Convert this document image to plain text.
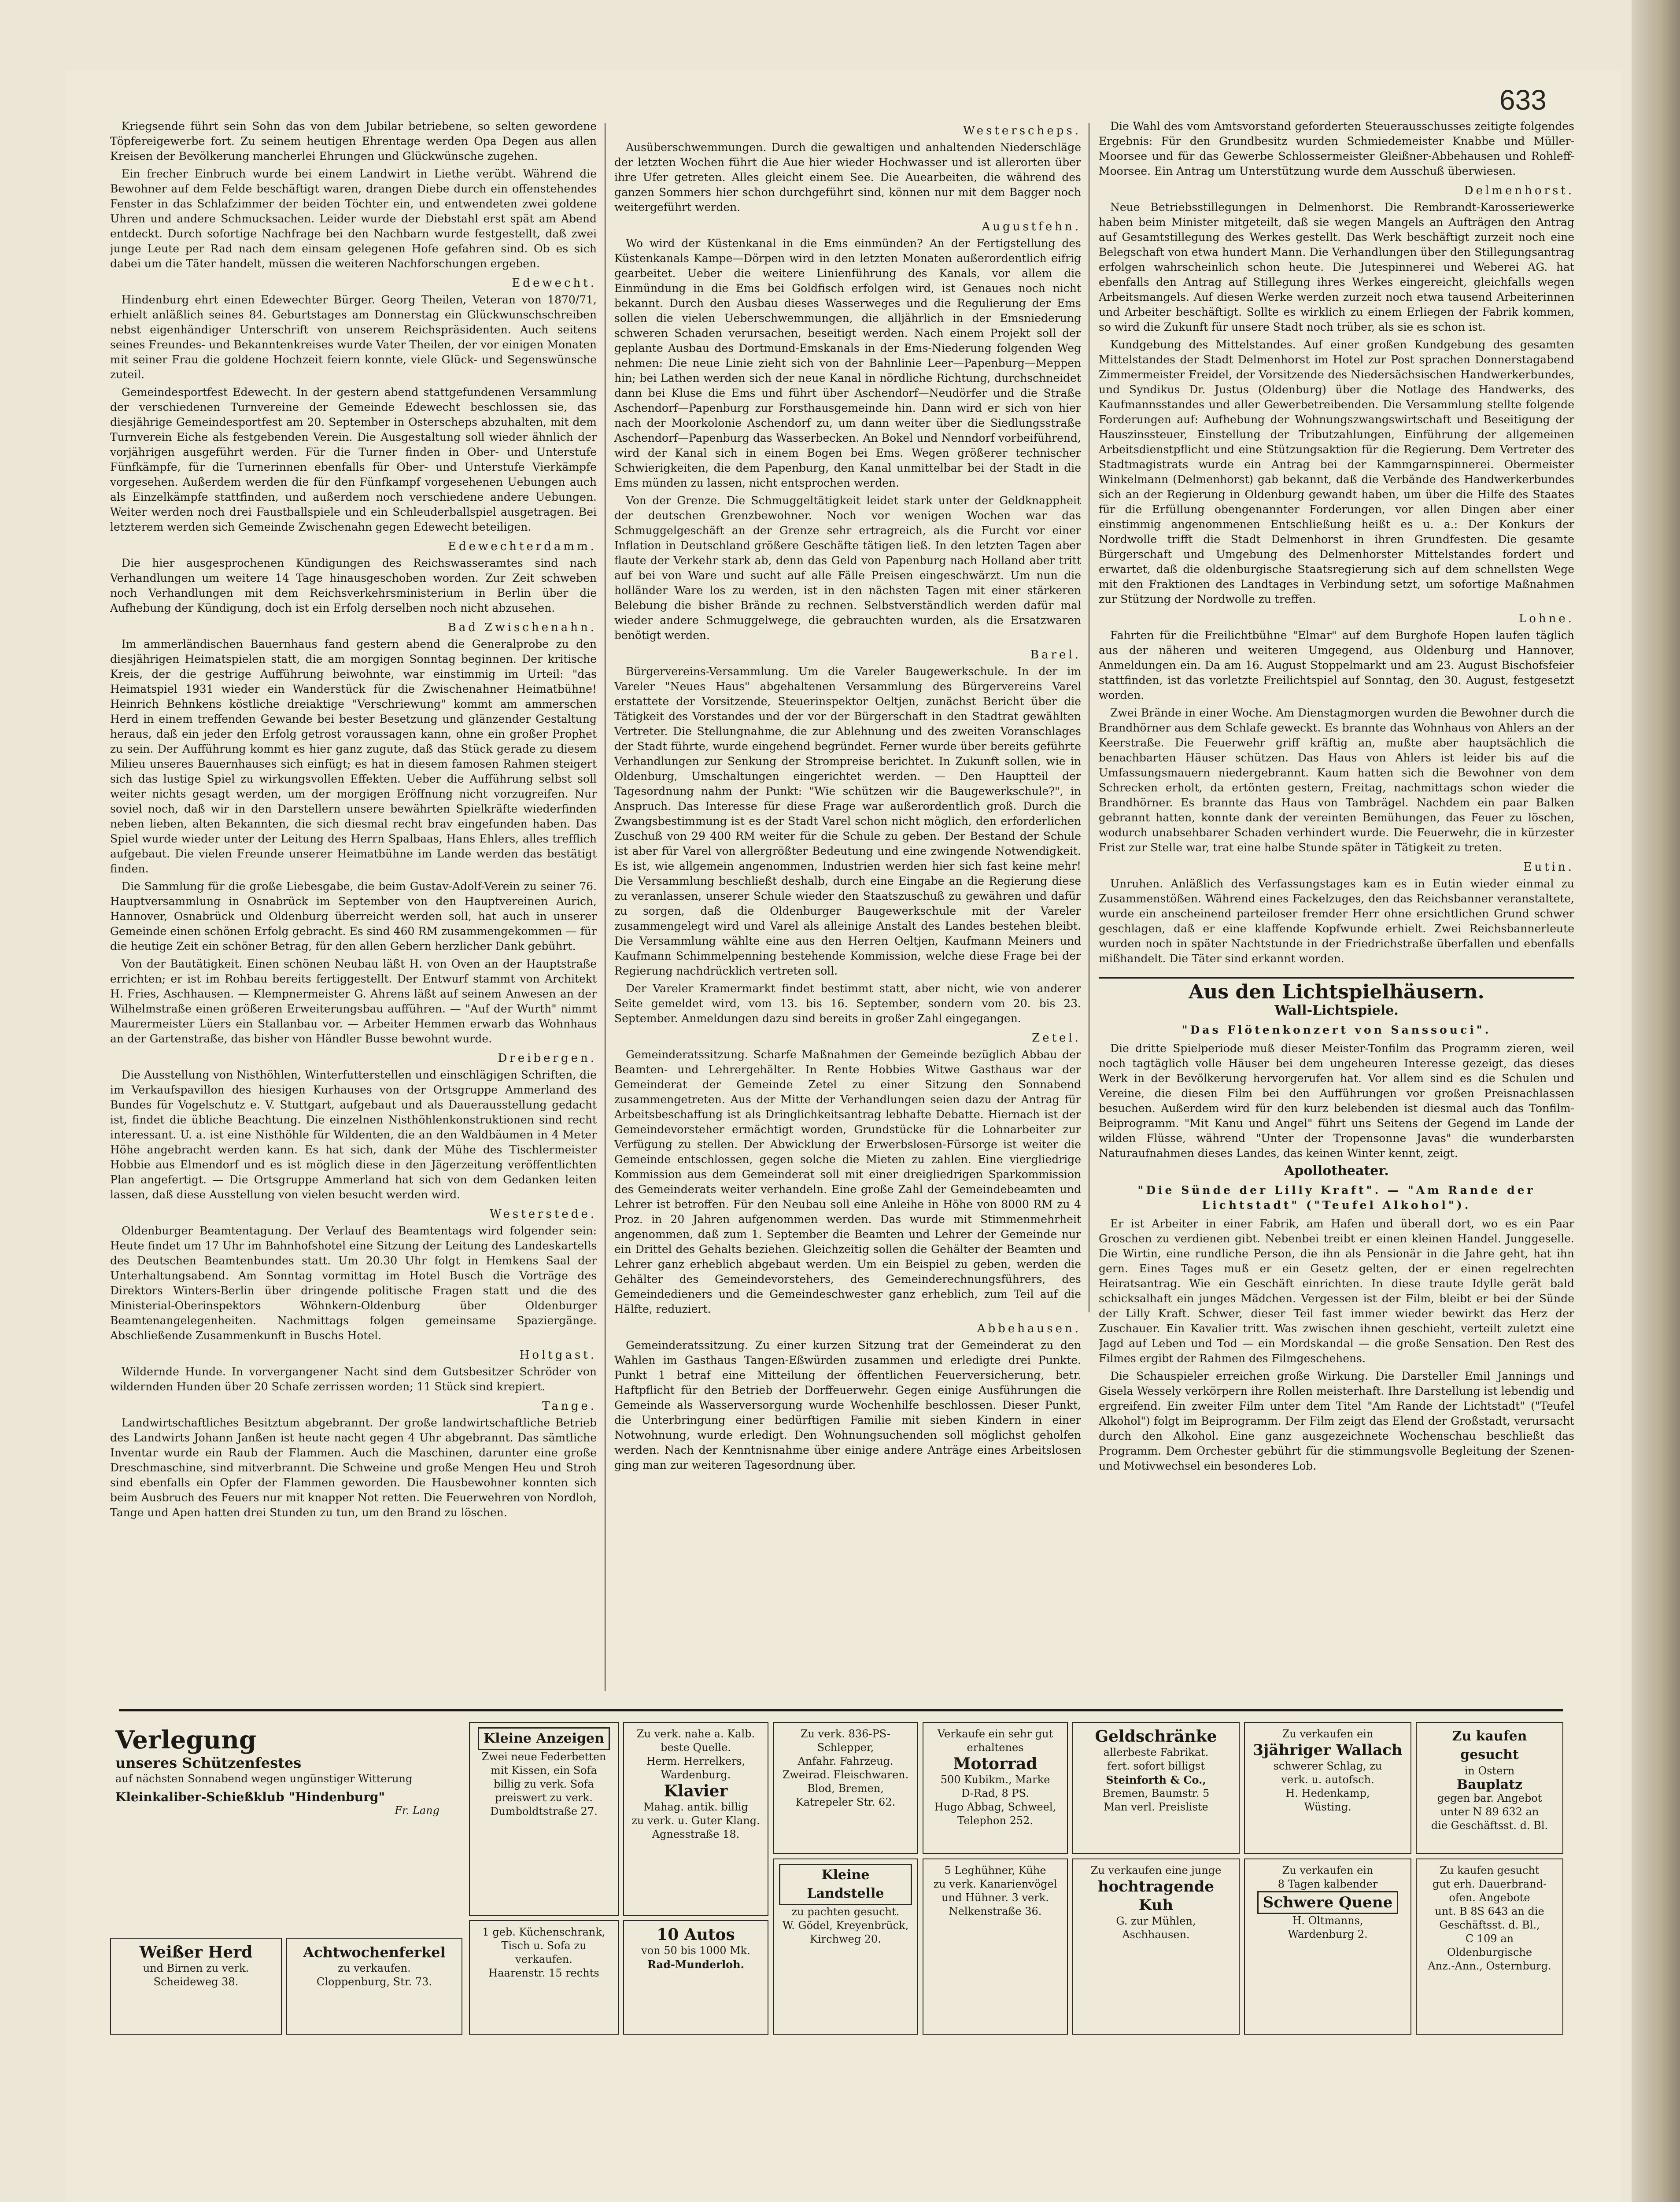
633

Kriegsende führt sein Sohn das von dem Jubilar betriebene, so selten gewordene Töpfereigewerbe fort. Zu seinem heutigen Ehrentage werden Opa Degen aus allen Kreisen der Bevölkerung mancherlei Ehrungen und Glückwünsche zugehen.

Ein frecher Einbruch wurde bei einem Landwirt in Liethe verübt. Während die Bewohner auf dem Felde beschäftigt waren, drangen Diebe durch ein offenstehendes Fenster in das Schlafzimmer der beiden Töchter ein, und entwendeten zwei goldene Uhren und andere Schmucksachen. Leider wurde der Diebstahl erst spät am Abend entdeckt. Durch sofortige Nachfrage bei den Nachbarn wurde festgestellt, daß zwei junge Leute per Rad nach dem einsam gelegenen Hofe gefahren sind. Ob es sich dabei um die Täter handelt, müssen die weiteren Nachforschungen ergeben.

Edewecht.

Hindenburg ehrt einen Edewechter Bürger. Georg Theilen, Veteran von 1870/71, erhielt anläßlich seines 84. Geburtstages am Donnerstag ein Glückwunschschreiben nebst eigenhändiger Unterschrift von unserem Reichspräsidenten. Auch seitens seines Freundes- und Bekanntenkreises wurde Vater Theilen, der vor einigen Monaten mit seiner Frau die goldene Hochzeit feiern konnte, viele Glück- und Segenswünsche zuteil.

Gemeindesportfest Edewecht. In der gestern abend stattgefundenen Versammlung der verschiedenen Turnvereine der Gemeinde Edewecht beschlossen sie, das diesjährige Gemeindesportfest am 20. September in Osterscheps abzuhalten, mit dem Turnverein Eiche als festgebenden Verein. Die Ausgestaltung soll wieder ähnlich der vorjährigen ausgeführt werden. Für die Turner finden in Ober- und Unterstufe Fünfkämpfe, für die Turnerinnen ebenfalls für Ober- und Unterstufe Vierkämpfe vorgesehen. Außerdem werden die für den Fünfkampf vorgesehenen Uebungen auch als Einzelkämpfe stattfinden, und außerdem noch verschiedene andere Uebungen. Weiter werden noch drei Faustballspiele und ein Schleuderballspiel ausgetragen. Bei letzterem werden sich Gemeinde Zwischenahn gegen Edewecht beteiligen.

Edewechterdamm.

Die hier ausgesprochenen Kündigungen des Reichswasseramtes sind nach Verhandlungen um weitere 14 Tage hinausgeschoben worden. Zur Zeit schweben noch Verhandlungen mit dem Reichsverkehrsministerium in Berlin über die Aufhebung der Kündigung, doch ist ein Erfolg derselben noch nicht abzusehen.

Bad Zwischenahn.

Im ammerländischen Bauernhaus fand gestern abend die Generalprobe zu den diesjährigen Heimatspielen statt, die am morgigen Sonntag beginnen. Der kritische Kreis, der die gestrige Aufführung beiwohnte, war einstimmig im Urteil: "das Heimatspiel 1931 wieder ein Wanderstück für die Zwischenahner Heimatbühne! Heinrich Behnkens köstliche dreiaktige "Verschriewung" kommt am ammerschen Herd in einem treffenden Gewande bei bester Besetzung und glänzender Gestaltung heraus, daß ein jeder den Erfolg getrost voraussagen kann, ohne ein großer Prophet zu sein. Der Aufführung kommt es hier ganz zugute, daß das Stück gerade zu diesem Milieu unseres Bauernhauses sich einfügt; es hat in diesem famosen Rahmen steigert sich das lustige Spiel zu wirkungsvollen Effekten. Ueber die Aufführung selbst soll weiter nichts gesagt werden, um der morgigen Eröffnung nicht vorzugreifen. Nur soviel noch, daß wir in den Darstellern unsere bewährten Spielkräfte wiederfinden neben lieben, alten Bekannten, die sich diesmal recht brav eingefunden haben. Das Spiel wurde wieder unter der Leitung des Herrn Spalbaas, Hans Ehlers, alles trefflich aufgebaut. Die vielen Freunde unserer Heimatbühne im Lande werden das bestätigt finden.

Die Sammlung für die große Liebesgabe, die beim Gustav-Adolf-Verein zu seiner 76. Hauptversammlung in Osnabrück im September von den Hauptvereinen Aurich, Hannover, Osnabrück und Oldenburg überreicht werden soll, hat auch in unserer Gemeinde einen schönen Erfolg gebracht. Es sind 460 RM zusammengekommen — für die heutige Zeit ein schöner Betrag, für den allen Gebern herzlicher Dank gebührt.

Von der Bautätigkeit. Einen schönen Neubau läßt H. von Oven an der Hauptstraße errichten; er ist im Rohbau bereits fertiggestellt. Der Entwurf stammt von Architekt H. Fries, Aschhausen. — Klempnermeister G. Ahrens läßt auf seinem Anwesen an der Wilhelmstraße einen größeren Erweiterungsbau aufführen. — "Auf der Wurth" nimmt Maurermeister Lüers ein Stallanbau vor. — Arbeiter Hemmen erwarb das Wohnhaus an der Gartenstraße, das bisher von Händler Busse bewohnt wurde.

Dreibergen.

Die Ausstellung von Nisthöhlen, Winterfutterstellen und einschlägigen Schriften, die im Verkaufspavillon des hiesigen Kurhauses von der Ortsgruppe Ammerland des Bundes für Vogelschutz e. V. Stuttgart, aufgebaut und als Dauerausstellung gedacht ist, findet die übliche Beachtung. Die einzelnen Nisthöhlenkonstruktionen sind recht interessant. U. a. ist eine Nisthöhle für Wildenten, die an den Waldbäumen in 4 Meter Höhe angebracht werden kann. Es hat sich, dank der Mühe des Tischlermeister Hobbie aus Elmendorf und es ist möglich diese in den Jägerzeitung veröffentlichten Plan angefertigt. — Die Ortsgruppe Ammerland hat sich von dem Gedanken leiten lassen, daß diese Ausstellung von vielen besucht werden wird.

Westerstede.

Oldenburger Beamtentagung. Der Verlauf des Beamtentags wird folgender sein: Heute findet um 17 Uhr im Bahnhofshotel eine Sitzung der Leitung des Landeskartells des Deutschen Beamtenbundes statt. Um 20.30 Uhr folgt in Hemkens Saal der Unterhaltungsabend. Am Sonntag vormittag im Hotel Busch die Vorträge des Direktors Winters-Berlin über dringende politische Fragen statt und die des Ministerial-Oberinspektors Wöhnkern-Oldenburg über Oldenburger Beamtenangelegenheiten. Nachmittags folgen gemeinsame Spaziergänge. Abschließende Zusammenkunft in Buschs Hotel.

Holtgast.

Wildernde Hunde. In vorvergangener Nacht sind dem Gutsbesitzer Schröder von wildernden Hunden über 20 Schafe zerrissen worden; 11 Stück sind krepiert.

Tange.

Landwirtschaftliches Besitztum abgebrannt. Der große landwirtschaftliche Betrieb des Landwirts Johann Janßen ist heute nacht gegen 4 Uhr abgebrannt. Das sämtliche Inventar wurde ein Raub der Flammen. Auch die Maschinen, darunter eine große Dreschmaschine, sind mitverbrannt. Die Schweine und große Mengen Heu und Stroh sind ebenfalls ein Opfer der Flammen geworden. Die Hausbewohner konnten sich beim Ausbruch des Feuers nur mit knapper Not retten. Die Feuerwehren von Nordloh, Tange und Apen hatten drei Stunden zu tun, um den Brand zu löschen.

Westerscheps.

Ausüberschwemmungen. Durch die gewaltigen und anhaltenden Niederschläge der letzten Wochen führt die Aue hier wieder Hochwasser und ist allerorten über ihre Ufer getreten. Alles gleicht einem See. Die Auearbeiten, die während des ganzen Sommers hier schon durchgeführt sind, können nur mit dem Bagger noch weitergeführt werden.

Augustfehn.

Wo wird der Küstenkanal in die Ems einmünden? An der Fertigstellung des Küstenkanals Kampe—Dörpen wird in den letzten Monaten außerordentlich eifrig gearbeitet. Ueber die weitere Linienführung des Kanals, vor allem die Einmündung in die Ems bei Goldfisch erfolgen wird, ist Genaues noch nicht bekannt. Durch den Ausbau dieses Wasserweges und die Regulierung der Ems sollen die vielen Ueberschwemmungen, die alljährlich in der Emsniederung schweren Schaden verursachen, beseitigt werden. Nach einem Projekt soll der geplante Ausbau des Dortmund-Emskanals in der Ems-Niederung folgenden Weg nehmen: Die neue Linie zieht sich von der Bahnlinie Leer—Papenburg—Meppen hin; bei Lathen werden sich der neue Kanal in nördliche Richtung, durchschneidet dann bei Kluse die Ems und führt über Aschendorf—Neudörfer und die Straße Aschendorf—Papenburg zur Forsthausgemeinde hin. Dann wird er sich von hier nach der Moorkolonie Aschendorf zu, um dann weiter über die Siedlungsstraße Aschendorf—Papenburg das Wasserbecken. An Bokel und Nenndorf vorbeiführend, wird der Kanal sich in einem Bogen bei Ems. Wegen größerer technischer Schwierigkeiten, die dem Papenburg, den Kanal unmittelbar bei der Stadt in die Ems münden zu lassen, nicht entsprochen werden.

Von der Grenze. Die Schmuggeltätigkeit leidet stark unter der Geldknappheit der deutschen Grenzbewohner. Noch vor wenigen Wochen war das Schmuggelgeschäft an der Grenze sehr ertragreich, als die Furcht vor einer Inflation in Deutschland größere Geschäfte tätigen ließ. In den letzten Tagen aber flaute der Verkehr stark ab, denn das Geld von Papenburg nach Holland aber tritt auf bei von Ware und sucht auf alle Fälle Preisen eingeschwärzt. Um nun die holländer Ware los zu werden, ist in den nächsten Tagen mit einer stärkeren Belebung die bisher Brände zu rechnen. Selbstverständlich werden dafür mal wieder andere Schmuggelwege, die gebrauchten wurden, als die Ersatzwaren benötigt werden.

Barel.

Bürgervereins-Versammlung. Um die Vareler Baugewerkschule. In der im Vareler "Neues Haus" abgehaltenen Versammlung des Bürgervereins Varel erstattete der Vorsitzende, Steuerinspektor Oeltjen, zunächst Bericht über die Tätigkeit des Vorstandes und der vor der Bürgerschaft in den Stadtrat gewählten Vertreter. Die Stellungnahme, die zur Ablehnung und des zweiten Voranschlages der Stadt führte, wurde eingehend begründet. Ferner wurde über bereits geführte Verhandlungen zur Senkung der Strompreise berichtet. In Zukunft sollen, wie in Oldenburg, Umschaltungen eingerichtet werden. — Den Hauptteil der Tagesordnung nahm der Punkt: "Wie schützen wir die Baugewerkschule?", in Anspruch. Das Interesse für diese Frage war außerordentlich groß. Durch die Zwangsbestimmung ist es der Stadt Varel schon nicht möglich, den erforderlichen Zuschuß von 29 400 RM weiter für die Schule zu geben. Der Bestand der Schule ist aber für Varel von allergrößter Bedeutung und eine zwingende Notwendigkeit. Es ist, wie allgemein angenommen, Industrien werden hier sich fast keine mehr! Die Versammlung beschließt deshalb, durch eine Eingabe an die Regierung diese zu veranlassen, unserer Schule wieder den Staatszuschuß zu gewähren und dafür zu sorgen, daß die Oldenburger Baugewerkschule mit der Vareler zusammengelegt wird und Varel als alleinige Anstalt des Landes bestehen bleibt. Die Versammlung wählte eine aus den Herren Oeltjen, Kaufmann Meiners und Kaufmann Schimmelpenning bestehende Kommission, welche diese Frage bei der Regierung nachdrücklich vertreten soll.

Der Vareler Kramermarkt findet bestimmt statt, aber nicht, wie von anderer Seite gemeldet wird, vom 13. bis 16. September, sondern vom 20. bis 23. September. Anmeldungen dazu sind bereits in großer Zahl eingegangen.

Zetel.

Gemeinderatssitzung. Scharfe Maßnahmen der Gemeinde bezüglich Abbau der Beamten- und Lehrergehälter. In Rente Hobbies Witwe Gasthaus war der Gemeinderat der Gemeinde Zetel zu einer Sitzung den Sonnabend zusammengetreten. Aus der Mitte der Verhandlungen seien dazu der Antrag für Arbeitsbeschaffung ist als Dringlichkeitsantrag lebhafte Debatte. Hiernach ist der Gemeindevorsteher ermächtigt worden, Grundstücke für die Lohnarbeiter zur Verfügung zu stellen. Der Abwicklung der Erwerbslosen-Fürsorge ist weiter die Gemeinde entschlossen, gegen solche die Mieten zu zahlen. Eine viergliedrige Kommission aus dem Gemeinderat soll mit einer dreigliedrigen Sparkommission des Gemeinderats weiter verhandeln. Eine große Zahl der Gemeindebeamten und Lehrer ist betroffen. Für den Neubau soll eine Anleihe in Höhe von 8000 RM zu 4 Proz. in 20 Jahren aufgenommen werden. Das wurde mit Stimmenmehrheit angenommen, daß zum 1. September die Beamten und Lehrer der Gemeinde nur ein Drittel des Gehalts beziehen. Gleichzeitig sollen die Gehälter der Beamten und Lehrer ganz erheblich abgebaut werden. Um ein Beispiel zu geben, werden die Gehälter des Gemeindevorstehers, des Gemeinderechnungsführers, des Gemeindedieners und die Gemeindeschwester ganz erheblich, zum Teil auf die Hälfte, reduziert.

Abbehausen.

Gemeinderatssitzung. Zu einer kurzen Sitzung trat der Gemeinderat zu den Wahlen im Gasthaus Tangen-Eßwürden zusammen und erledigte drei Punkte. Punkt 1 betraf eine Mitteilung der öffentlichen Feuerversicherung, betr. Haftpflicht für den Betrieb der Dorffeuerwehr. Gegen einige Ausführungen die Gemeinde als Wasserversorgung wurde Wochenhilfe beschlossen. Dieser Punkt, die Unterbringung einer bedürftigen Familie mit sieben Kindern in einer Notwohnung, wurde erledigt. Den Wohnungsuchenden soll möglichst geholfen werden. Nach der Kenntnisnahme über einige andere Anträge eines Arbeitslosen ging man zur weiteren Tagesordnung über.

Die Wahl des vom Amtsvorstand geforderten Steuerausschusses zeitigte folgendes Ergebnis: Für den Grundbesitz wurden Schmiedemeister Knabbe und Müller-Moorsee und für das Gewerbe Schlossermeister Gleißner-Abbehausen und Rohleff-Moorsee. Ein Antrag um Unterstützung wurde dem Ausschuß überwiesen.

Delmenhorst.

Neue Betriebsstillegungen in Delmenhorst. Die Rembrandt-Karosseriewerke haben beim Minister mitgeteilt, daß sie wegen Mangels an Aufträgen den Antrag auf Gesamtstillegung des Werkes gestellt. Das Werk beschäftigt zurzeit noch eine Belegschaft von etwa hundert Mann. Die Verhandlungen über den Stillegungsantrag erfolgen wahrscheinlich schon heute. Die Jutespinnerei und Weberei AG. hat ebenfalls den Antrag auf Stillegung ihres Werkes eingereicht, gleichfalls wegen Arbeitsmangels. Auf diesen Werke werden zurzeit noch etwa tausend Arbeiterinnen und Arbeiter beschäftigt. Sollte es wirklich zu einem Erliegen der Fabrik kommen, so wird die Zukunft für unsere Stadt noch trüber, als sie es schon ist.

Kundgebung des Mittelstandes. Auf einer großen Kundgebung des gesamten Mittelstandes der Stadt Delmenhorst im Hotel zur Post sprachen Donnerstagabend Zimmermeister Freidel, der Vorsitzende des Niedersächsischen Handwerkerbundes, und Syndikus Dr. Justus (Oldenburg) über die Notlage des Handwerks, des Kaufmannsstandes und aller Gewerbetreibenden. Die Versammlung stellte folgende Forderungen auf: Aufhebung der Wohnungszwangswirtschaft und Beseitigung der Hauszinssteuer, Einstellung der Tributzahlungen, Einführung der allgemeinen Arbeitsdienstpflicht und eine Stützungsaktion für die Regierung. Dem Vertreter des Stadtmagistrats wurde ein Antrag bei der Kammgarnspinnerei. Obermeister Winkelmann (Delmenhorst) gab bekannt, daß die Verbände des Handwerkerbundes sich an der Regierung in Oldenburg gewandt haben, um über die Hilfe des Staates für die Erfüllung obengenannter Forderungen, vor allen Dingen aber einer einstimmig angenommenen Entschließung heißt es u. a.: Der Konkurs der Nordwolle trifft die Stadt Delmenhorst in ihren Grundfesten. Die gesamte Bürgerschaft und Umgebung des Delmenhorster Mittelstandes fordert und erwartet, daß die oldenburgische Staatsregierung sich auf dem schnellsten Wege mit den Fraktionen des Landtages in Verbindung setzt, um sofortige Maßnahmen zur Stützung der Nordwolle zu treffen.

Lohne.

Fahrten für die Freilichtbühne "Elmar" auf dem Burghofe Hopen laufen täglich aus der näheren und weiteren Umgegend, aus Oldenburg und Hannover, Anmeldungen ein. Da am 16. August Stoppelmarkt und am 23. August Bischofsfeier stattfinden, ist das vorletzte Freilichtspiel auf Sonntag, den 30. August, festgesetzt worden.

Zwei Brände in einer Woche. Am Dienstagmorgen wurden die Bewohner durch die Brandhörner aus dem Schlafe geweckt. Es brannte das Wohnhaus von Ahlers an der Keerstraße. Die Feuerwehr griff kräftig an, mußte aber hauptsächlich die benachbarten Häuser schützen. Das Haus von Ahlers ist leider bis auf die Umfassungsmauern niedergebrannt. Kaum hatten sich die Bewohner von dem Schrecken erholt, da ertönten gestern, Freitag, nachmittags schon wieder die Brandhörner. Es brannte das Haus von Tambrägel. Nachdem ein paar Balken gebrannt hatten, konnte dank der vereinten Bemühungen, das Feuer zu löschen, wodurch unabsehbarer Schaden verhindert wurde. Die Feuerwehr, die in kürzester Frist zur Stelle war, trat eine halbe Stunde später in Tätigkeit zu treten.

Eutin.

Unruhen. Anläßlich des Verfassungstages kam es in Eutin wieder einmal zu Zusammenstößen. Während eines Fackelzuges, den das Reichsbanner veranstaltete, wurde ein anscheinend parteiloser fremder Herr ohne ersichtlichen Grund schwer geschlagen, daß er eine klaffende Kopfwunde erhielt. Zwei Reichsbannerleute wurden noch in später Nachtstunde in der Friedrichstraße überfallen und ebenfalls mißhandelt. Die Täter sind erkannt worden.

Aus den Lichtspielhäusern.
Wall-Lichtspiele.
"Das Flötenkonzert von Sanssouci".

Die dritte Spielperiode muß dieser Meister-Tonfilm das Programm zieren, weil noch tagtäglich volle Häuser bei dem ungeheuren Interesse gezeigt, das dieses Werk in der Bevölkerung hervorgerufen hat. Vor allem sind es die Schulen und Vereine, die diesen Film bei den Aufführungen vor großen Preisnachlassen besuchen. Außerdem wird für den kurz belebenden ist diesmal auch das Tonfilm-Beiprogramm. "Mit Kanu und Angel" führt uns Seitens der Gegend im Lande der wilden Flüsse, während "Unter der Tropensonne Javas" die wunderbarsten Naturaufnahmen dieses Landes, das keinen Winter kennt, zeigt.

Apollotheater.
"Die Sünde der Lilly Kraft". — "Am Rande der Lichtstadt" ("Teufel Alkohol").

Er ist Arbeiter in einer Fabrik, am Hafen und überall dort, wo es ein Paar Groschen zu verdienen gibt. Nebenbei treibt er einen kleinen Handel. Junggeselle. Die Wirtin, eine rundliche Person, die ihn als Pensionär in die Jahre geht, hat ihn gern. Eines Tages muß er ein Gesetz gelten, der er einen regelrechten Heiratsantrag. Wie ein Geschäft einrichten. In diese traute Idylle gerät bald schicksalhaft ein junges Mädchen. Vergessen ist der Film, bleibt er bei der Sünde der Lilly Kraft. Schwer, dieser Teil fast immer wieder bewirkt das Herz der Zuschauer. Ein Kavalier tritt. Was zwischen ihnen geschieht, verteilt zuletzt eine Jagd auf Leben und Tod — ein Mordskandal — die große Sensation. Den Rest des Filmes ergibt der Rahmen des Filmgeschehens.

Die Schauspieler erreichen große Wirkung. Die Darsteller Emil Jannings und Gisela Wessely verkörpern ihre Rollen meisterhaft. Ihre Darstellung ist lebendig und ergreifend. Ein zweiter Film unter dem Titel "Am Rande der Lichtstadt" ("Teufel Alkohol") folgt im Beiprogramm. Der Film zeigt das Elend der Großstadt, verursacht durch den Alkohol. Eine ganz ausgezeichnete Wochenschau beschließt das Programm. Dem Orchester gebührt für die stimmungsvolle Begleitung der Szenen- und Motivwechsel ein besonderes Lob.

Verlegung
unseres Schützenfestes
auf nächsten Sonnabend wegen ungünstiger Witterung
Kleinkaliber-Schießklub "Hindenburg"
Fr. Lang
Weißer Herd
und Birnen zu verk.
Scheideweg 38.
Achtwochenferkel
zu verkaufen.
Cloppenburg, Str. 73.
Kleine Anzeigen
Zwei neue Federbetten
mit Kissen, ein Sofa
billig zu verk. Sofa
preiswert zu verk.
Dumboldtstraße 27.
1 geb. Küchenschrank,
Tisch u. Sofa zu
verkaufen.
Haarenstr. 15 rechts
Zu verk. nahe a. Kalb.
beste Quelle.
Herm. Herrelkers,
Wardenburg.
Klavier
Mahag. antik. billig
zu verk. u. Guter Klang.
Agnesstraße 18.
10 Autos
von 50 bis 1000 Mk.
Rad-Munderloh.
Zu verk. 836-PS-Schlepper,
Anfahr. Fahrzeug.
Zweirad. Fleischwaren.
Blod, Bremen,
Katrepeler Str. 62.
Kleine Landstelle
zu pachten gesucht.
W. Gödel, Kreyenbrück, Kirchweg 20.
Verkaufe ein sehr gut erhaltenes
Motorrad
500 Kubikm., Marke
D-Rad, 8 PS.
Hugo Abbag, Schweel,
Telephon 252.
5 Leghühner, Kühe
zu verk. Kanarienvögel
und Hühner. 3 verk.
Nelkenstraße 36.
Geldschränke
allerbeste Fabrikat.
fert. sofort billigst
Steinforth & Co.,
Bremen, Baumstr. 5
Man verl. Preisliste
Zu verkaufen eine junge
hochtragende Kuh
G. zur Mühlen,
Aschhausen.
Zu verkaufen ein
3jähriger Wallach
schwerer Schlag, zu
verk. u. autofsch.
H. Hedenkamp,
Wüsting.
Zu verkaufen ein
8 Tagen kalbender
Schwere Quene
H. Oltmanns,
Wardenburg 2.
Zu kaufen gesucht
in Ostern
Bauplatz
gegen bar. Angebot
unter N 89 632 an
die Geschäftsst. d. Bl.
Zu kaufen gesucht
gut erh. Dauerbrand-
ofen. Angebote
unt. B 8S 643 an die
Geschäftsst. d. Bl.,
C 109 an Oldenburgische
Anz.-Ann., Osternburg.
